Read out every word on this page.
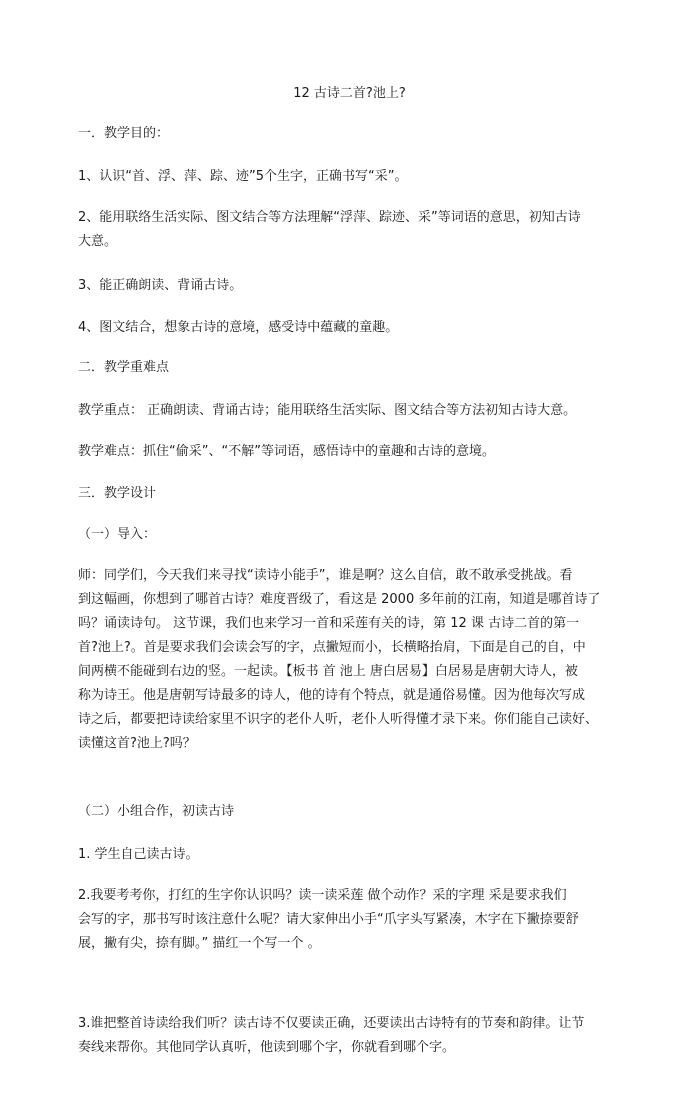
12 古诗二首?池上?
一．教学目的：
1、认识“首、浮、萍、踪、迹”5个生字，正确书写“采”。
2、能用联络生活实际、图文结合等方法理解“浮萍、踪迹、采”等词语的意思，初知古诗
大意。
3、能正确朗读、背诵古诗。
4、图文结合，想象古诗的意境，感受诗中蕴藏的童趣。
二．教学重难点
教学重点： 正确朗读、背诵古诗；能用联络生活实际、图文结合等方法初知古诗大意。
教学难点：抓住“偷采”、“不解”等词语，感悟诗中的童趣和古诗的意境。
三．教学设计
（一）导入：
师：同学们，今天我们来寻找“读诗小能手”，谁是啊？这么自信，敢不敢承受挑战。看
到这幅画，你想到了哪首古诗？难度晋级了，看这是 2000 多年前的江南，知道是哪首诗了
吗？诵读诗句。 这节课，我们也来学习一首和采莲有关的诗，第 12 课 古诗二首的第一
首?池上?。首是要求我们会读会写的字，点撇短而小，长横略抬肩，下面是自己的自，中
间两横不能碰到右边的竖。一起读。【板书 首 池上 唐白居易】白居易是唐朝大诗人，被
称为诗王。他是唐朝写诗最多的诗人，他的诗有个特点，就是通俗易懂。因为他每次写成
诗之后，都要把诗读给家里不识字的老仆人听，老仆人听得懂才录下来。你们能自己读好、
读懂这首?池上?吗？
（二）小组合作，初读古诗
1. 学生自己读古诗。
2.我要考考你，打红的生字你认识吗？读一读采莲 做个动作？采的字理 采是要求我们
会写的字，那书写时该注意什么呢？请大家伸出小手“爪字头写紧凑，木字在下撇捺要舒
展，撇有尖，捺有脚。” 描红一个写一个 。
3.谁把整首诗读给我们听？读古诗不仅要读正确，还要读出古诗特有的节奏和韵律。让节
奏线来帮你。其他同学认真听，他读到哪个字，你就看到哪个字。
